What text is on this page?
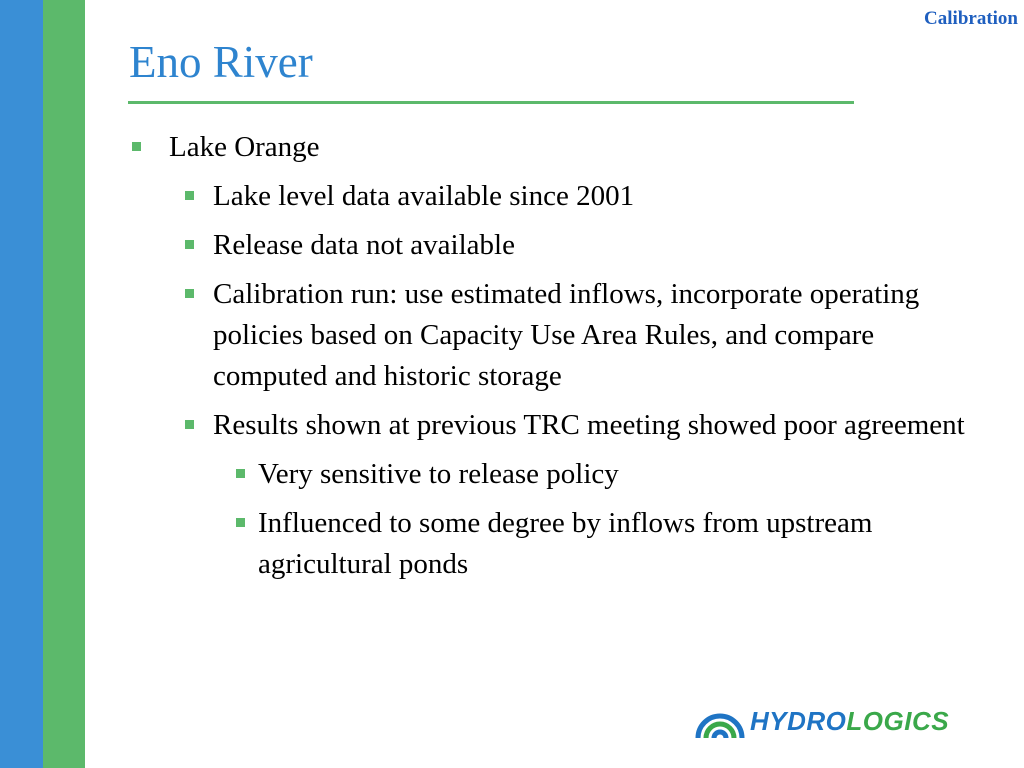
Calibration
Eno River

Lake Orange

Lake level data available since 2001

Release data not available

Calibration run: use estimated inflows, incorporate operating policies based on Capacity Use Area Rules, and compare computed and historic storage

Results shown at previous TRC meeting showed poor agreement

Very sensitive to release policy

Influenced to some degree by inflows from upstream agricultural ponds

HYDROLOGICS
